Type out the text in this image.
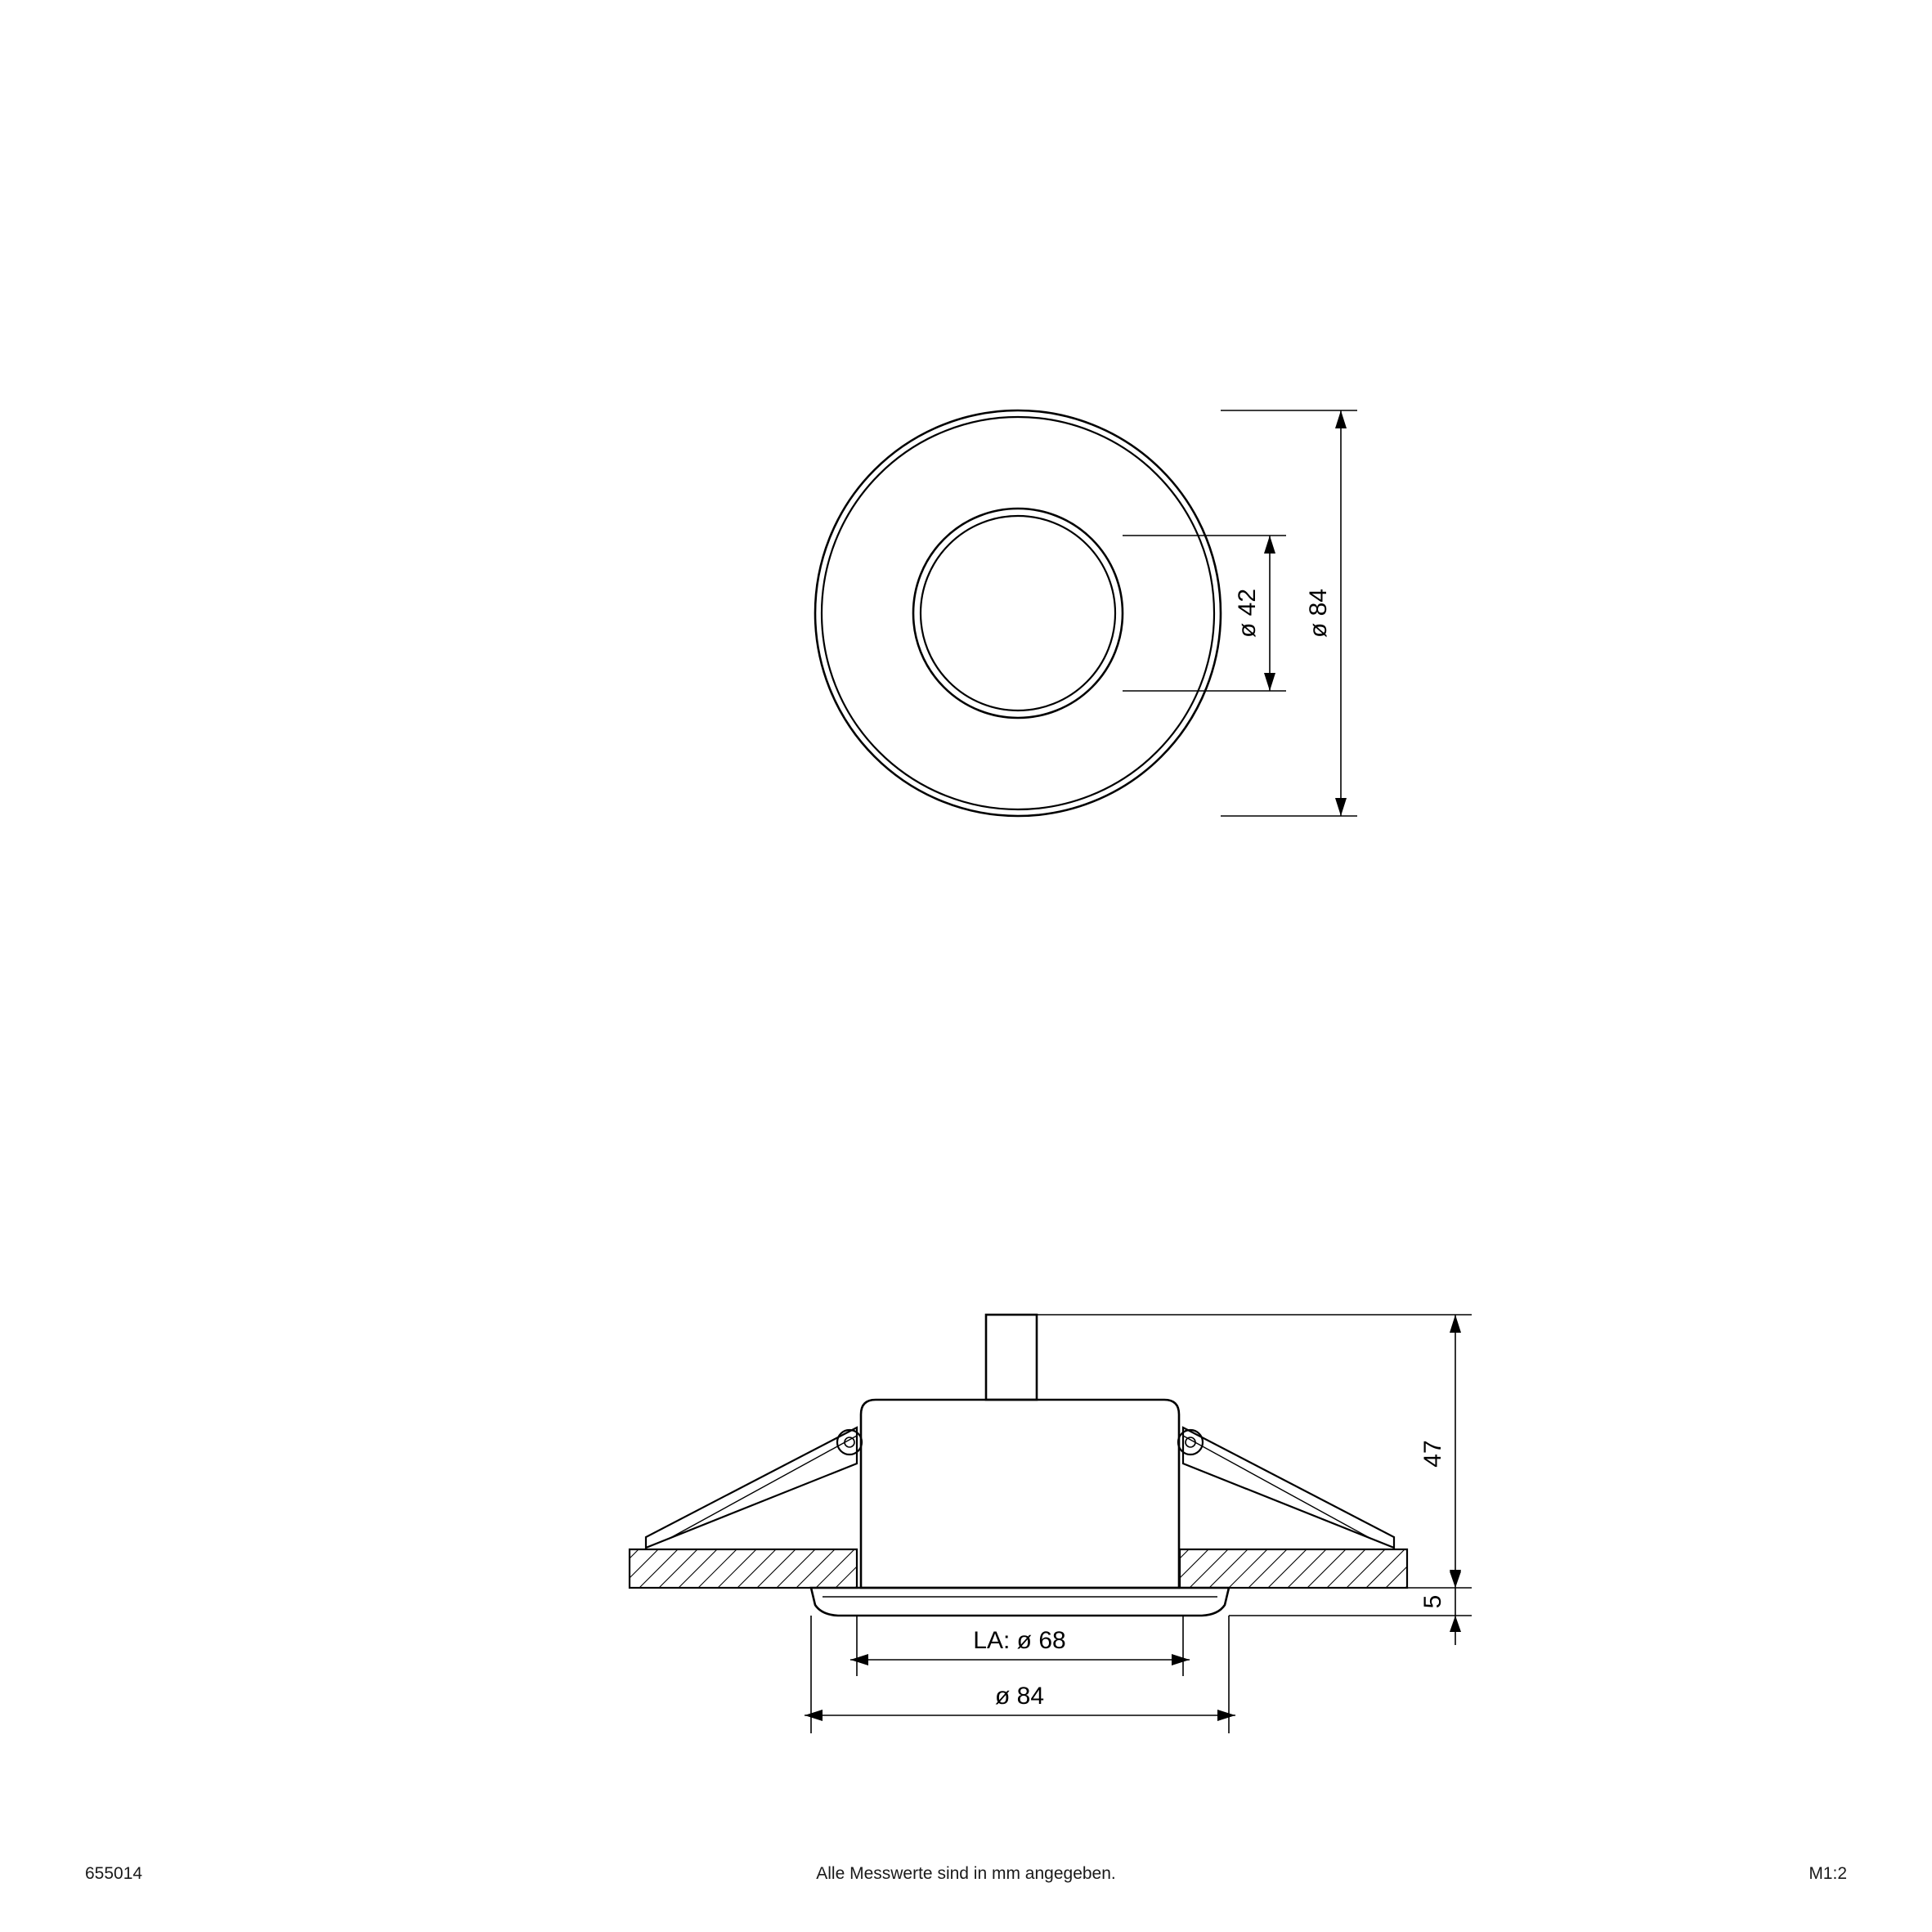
ø 84
ø 42
47
5
LA: ø 68
ø 84
655014	Alle Messwerte sind in mm angegeben.	M1:2
